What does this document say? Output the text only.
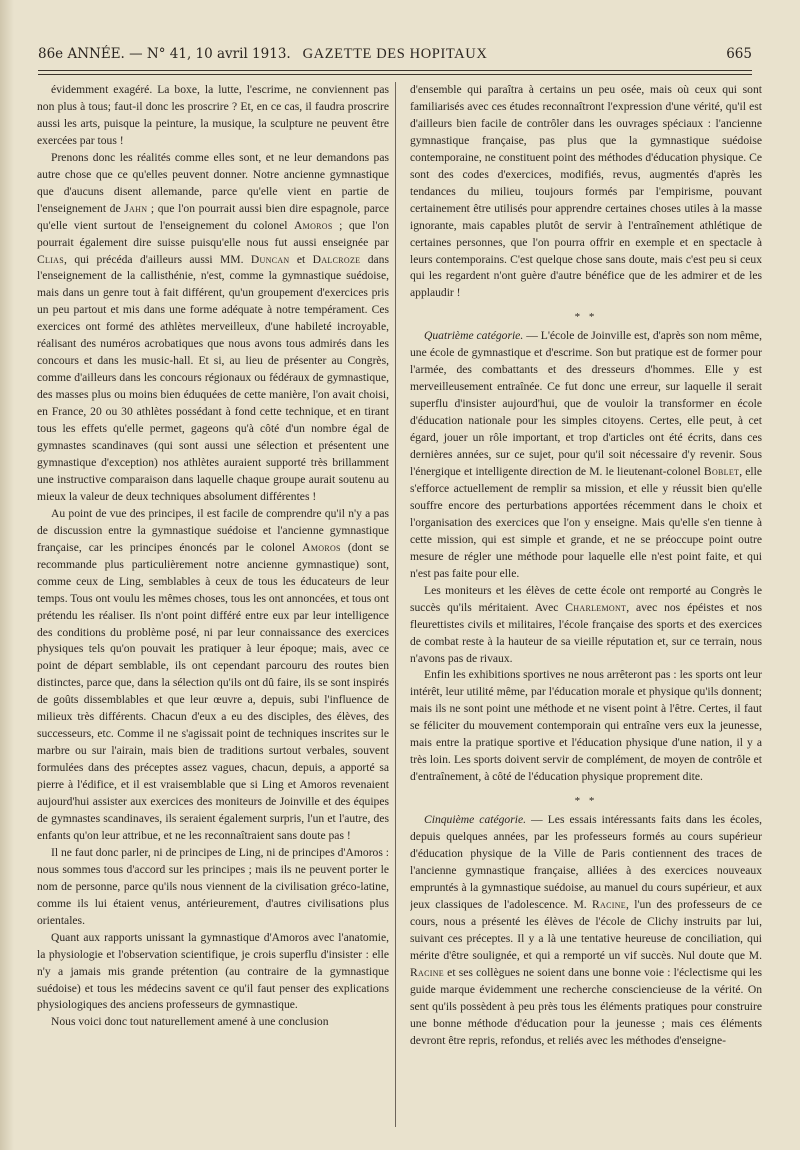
86e ANNÉE. — N° 41, 10 avril 1913. GAZETTE DES HOPITAUX	665

évidemment exagéré. La boxe, la lutte, l'escrime, ne conviennent pas non plus à tous; faut-il donc les proscrire ? Et, en ce cas, il faudra proscrire aussi les arts, puisque la peinture, la musique, la sculpture ne peuvent être exercées par tous !

Prenons donc les réalités comme elles sont, et ne leur demandons pas autre chose que ce qu'elles peuvent donner. Notre ancienne gymnastique que d'aucuns disent allemande, parce qu'elle vient en partie de l'enseignement de Jahn ; que l'on pourrait aussi bien dire espagnole, parce qu'elle vient surtout de l'enseignement du colonel Amoros ; que l'on pourrait également dire suisse puisqu'elle nous fut aussi enseignée par Clias, qui précéda d'ailleurs aussi MM. Duncan et Dalcroze dans l'enseignement de la callisthénie, n'est, comme la gymnastique suédoise, mais dans un genre tout à fait différent, qu'un groupement d'exercices pris un peu partout et mis dans une forme adéquate à notre tempérament. Ces exercices ont formé des athlètes merveilleux, d'une habileté incroyable, réalisant des numéros acrobatiques que nous avons tous admirés dans les concours et dans les music-hall. Et si, au lieu de présenter au Congrès, comme d'ailleurs dans les concours régionaux ou fédéraux de gymnastique, des masses plus ou moins bien éduquées de cette manière, l'on avait choisi, en France, 20 ou 30 athlètes possédant à fond cette technique, et en tirant tous les effets qu'elle permet, gageons qu'à côté d'un nombre égal de gymnastes scandinaves (qui sont aussi une sélection et présentent une gymnastique d'exception) nos athlètes auraient supporté très brillamment une instructive comparaison dans laquelle chaque groupe aurait soutenu au mieux la valeur de deux techniques absolument différentes !

Au point de vue des principes, il est facile de comprendre qu'il n'y a pas de discussion entre la gymnastique suédoise et l'ancienne gymnastique française, car les principes énoncés par le colonel Amoros (dont se recommande plus particulièrement notre ancienne gymnastique) sont, comme ceux de Ling, semblables à ceux de tous les éducateurs de leur temps. Tous ont voulu les mêmes choses, tous les ont annoncées, et tous ont prétendu les réaliser. Ils n'ont point différé entre eux par leur intelligence des conditions du problème posé, ni par leur connaissance des exercices physiques tels qu'on pouvait les pratiquer à leur époque; mais, avec ce point de départ semblable, ils ont cependant parcouru des routes bien distinctes, parce que, dans la sélection qu'ils ont dû faire, ils se sont inspirés de goûts dissemblables et que leur œuvre a, depuis, subi l'influence de milieux très différents. Chacun d'eux a eu des disciples, des élèves, des successeurs, etc. Comme il ne s'agissait point de techniques inscrites sur le marbre ou sur l'airain, mais bien de traditions surtout verbales, souvent formulées dans des préceptes assez vagues, chacun, depuis, a apporté sa pierre à l'édifice, et il est vraisemblable que si Ling et Amoros revenaient aujourd'hui assister aux exercices des moniteurs de Joinville et des équipes de gymnastes scandinaves, ils seraient également surpris, l'un et l'autre, des enfants qu'on leur attribue, et ne les reconnaîtraient sans doute pas !

Il ne faut donc parler, ni de principes de Ling, ni de principes d'Amoros : nous sommes tous d'accord sur les principes ; mais ils ne peuvent porter le nom de personne, parce qu'ils nous viennent de la civilisation gréco-latine, comme ils lui étaient venus, antérieurement, d'autres civilisations plus orientales.

Quant aux rapports unissant la gymnastique d'Amoros avec l'anatomie, la physiologie et l'observation scientifique, je crois superflu d'insister : elle n'y a jamais mis grande prétention (au contraire de la gymnastique suédoise) et tous les médecins savent ce qu'il faut penser des explications physiologiques des anciens professeurs de gymnastique.

Nous voici donc tout naturellement amené à une conclusion

d'ensemble qui paraîtra à certains un peu osée, mais où ceux qui sont familiarisés avec ces études reconnaîtront l'expression d'une vérité, qu'il est d'ailleurs bien facile de contrôler dans les ouvrages spéciaux : l'ancienne gymnastique française, pas plus que la gymnastique suédoise contemporaine, ne constituent point des méthodes d'éducation physique. Ce sont des codes d'exercices, modifiés, revus, augmentés d'après les tendances du milieu, toujours formés par l'empirisme, pouvant certainement être utilisés pour apprendre certaines choses utiles à la masse ignorante, mais capables plutôt de servir à l'entraînement athlétique de certaines personnes, que l'on pourra offrir en exemple et en spectacle à leurs contemporains. C'est quelque chose sans doute, mais c'est peu si ceux qui les regardent n'ont guère d'autre bénéfice que de les admirer et de les applaudir !

* *

Quatrième catégorie. — L'école de Joinville est, d'après son nom même, une école de gymnastique et d'escrime. Son but pratique est de former pour l'armée, des combattants et des dresseurs d'hommes. Elle y est merveilleusement entraînée. Ce fut donc une erreur, sur laquelle il serait superflu d'insister aujourd'hui, que de vouloir la transformer en école d'éducation nationale pour les simples citoyens. Certes, elle peut, à cet égard, jouer un rôle important, et trop d'articles ont été écrits, dans ces dernières années, sur ce sujet, pour qu'il soit nécessaire d'y revenir. Sous l'énergique et intelligente direction de M. le lieutenant-colonel Boblet, elle s'efforce actuellement de remplir sa mission, et elle y réussit bien qu'elle souffre encore des perturbations apportées récemment dans le choix et l'organisation des exercices que l'on y enseigne. Mais qu'elle s'en tienne à cette mission, qui est simple et grande, et ne se préoccupe point outre mesure de régler une méthode pour laquelle elle n'est point faite, et qui n'est pas faite pour elle.

Les moniteurs et les élèves de cette école ont remporté au Congrès le succès qu'ils méritaient. Avec Charlemont, avec nos épéistes et nos fleurettistes civils et militaires, l'école française des sports et des exercices de combat reste à la hauteur de sa vieille réputation et, sur ce terrain, nous n'avons pas de rivaux.

Enfin les exhibitions sportives ne nous arrêteront pas : les sports ont leur intérêt, leur utilité même, par l'éducation morale et physique qu'ils donnent; mais ils ne sont point une méthode et ne visent point à l'être. Certes, il faut se féliciter du mouvement contemporain qui entraîne vers eux la jeunesse, mais entre la pratique sportive et l'éducation physique d'une nation, il y a très loin. Les sports doivent servir de complément, de moyen de contrôle et d'entraînement, à côté de l'éducation physique proprement dite.

* *

Cinquième catégorie. — Les essais intéressants faits dans les écoles, depuis quelques années, par les professeurs formés au cours supérieur d'éducation physique de la Ville de Paris contiennent des traces de l'ancienne gymnastique française, alliées à des exercices nouveaux empruntés à la gymnastique suédoise, au manuel du cours supérieur, et aux jeux classiques de l'adolescence. M. Racine, l'un des professeurs de ce cours, nous a présenté les élèves de l'école de Clichy instruits par lui, suivant ces préceptes. Il y a là une tentative heureuse de conciliation, qui mérite d'être soulignée, et qui a remporté un vif succès. Nul doute que M. Racine et ses collègues ne soient dans une bonne voie : l'éclectisme qui les guide marque évidemment une recherche consciencieuse de la vérité. On sent qu'ils possèdent à peu près tous les éléments pratiques pour construire une bonne méthode d'éducation pour la jeunesse ; mais ces éléments devront être repris, refondus, et reliés avec les méthodes d'enseigne-
